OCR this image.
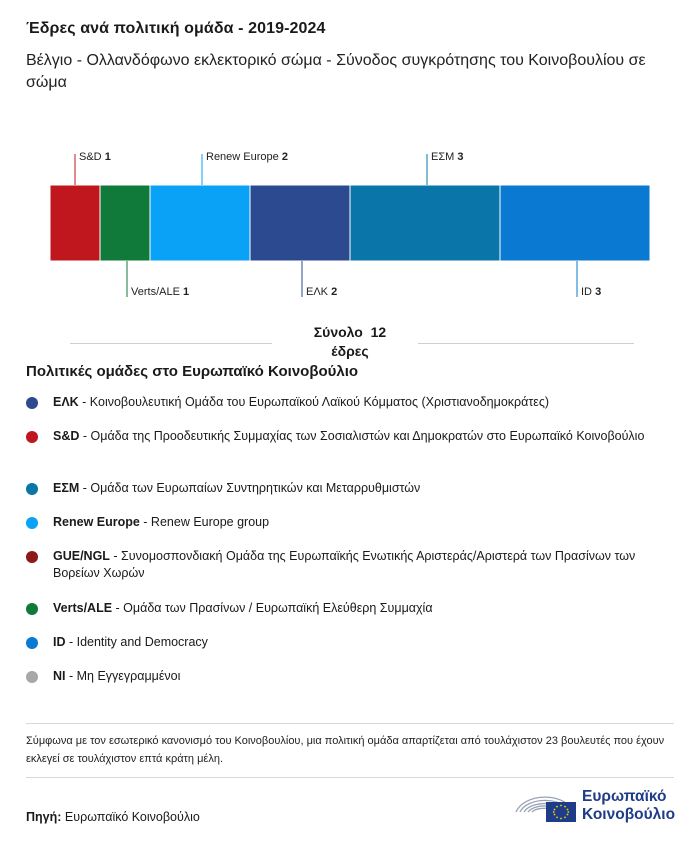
Έδρες ανά πολιτική ομάδα - 2019-2024
Βέλγιο - Ολλανδόφωνο εκλεκτορικό σώμα - Σύνοδος συγκρότησης του Κοινοβουλίου σε σώμα
S&D 1
Verts/ALE 1
Renew Europe 2
ΕΛΚ 2
ΕΣΜ 3
ID 3
Σύνολο 12
έδρες
Πολιτικές ομάδες στο Ευρωπαϊκό Κοινοβούλιο
ΕΛΚ - Κοινοβουλευτική Ομάδα του Ευρωπαϊκού Λαϊκού Κόμματος (Χριστιανοδημοκράτες)
S&D - Ομάδα της Προοδευτικής Συμμαχίας των Σοσιαλιστών και Δημοκρατών στο Ευρωπαϊκό Κοινοβούλιο
ΕΣΜ - Ομάδα των Ευρωπαίων Συντηρητικών και Μεταρρυθμιστών
Renew Europe - Renew Europe group
GUE/NGL - Συνομοσπονδιακή Ομάδα της Ευρωπαϊκής Ενωτικής Αριστεράς/Αριστερά των Πρασίνων των Βορείων Χωρών
Verts/ALE - Ομάδα των Πρασίνων / Ευρωπαϊκή Ελεύθερη Συμμαχία
ID - Identity and Democracy
NI - Μη Εγγεγραμμένοι
Σύμφωνα με τον εσωτερικό κανονισμό του Κοινοβουλίου, μια πολιτική ομάδα απαρτίζεται από τουλάχιστον 23 βουλευτές που έχουν εκλεγεί σε τουλάχιστον επτά κράτη μέλη.
Πηγή: Ευρωπαϊκό Κοινοβούλιο
Ευρωπαϊκό
Κοινοβούλιο
